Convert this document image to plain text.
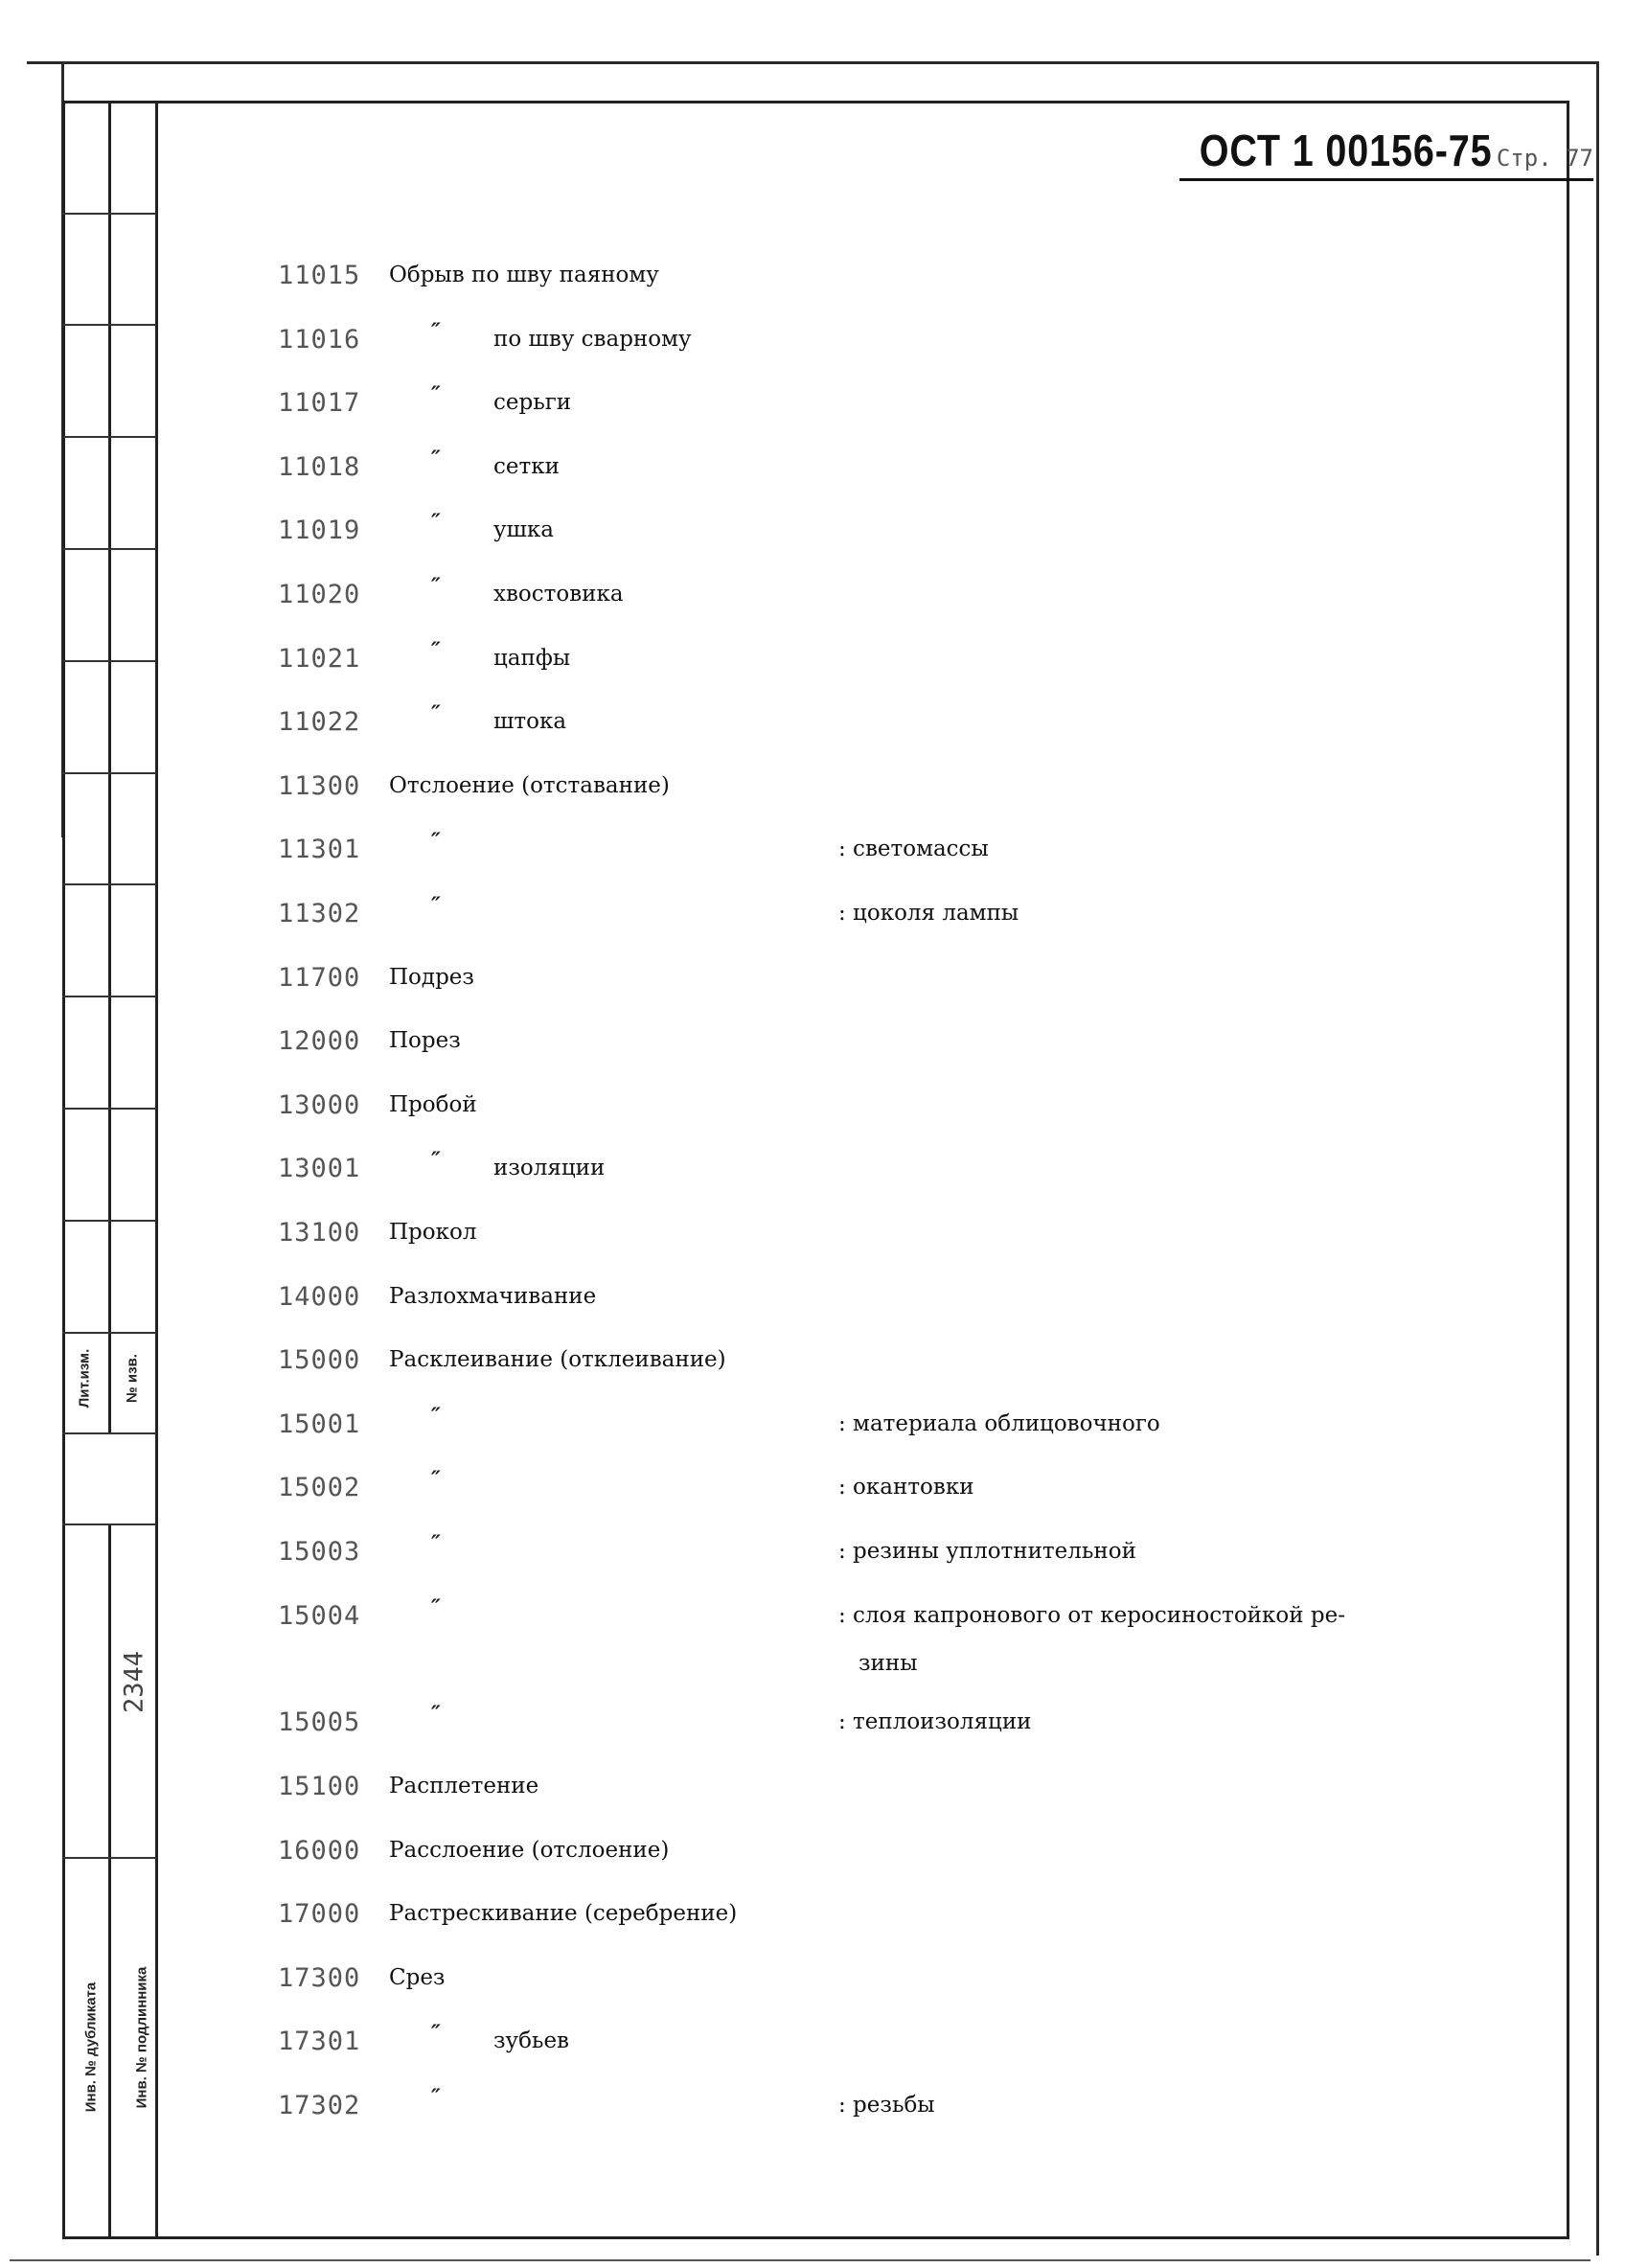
Лит.изм. № изв.
2344
Инв. № дубликата Инв. № подлинника
ОСТ 1 00156-75 Стр. 77
11015 Обрыв по шву паяному
11016	″ по шву сварному
11017	″ серьги
11018	″ сетки
11019	″ ушка
11020	″ хвостовика
11021	″ цапфы
11022	″ штока
11300 Отслоение (отставание)
11301	″	: светомассы
11302	″	: цоколя лампы
11700 Подрез
12000 Порез
13000 Пробой
13001	″ изоляции
13100 Прокол
14000 Разлохмачивание
15000 Расклеивание (отклеивание)
15001	″	: материала облицовочного
15002	″	: окантовки
15003	″	: резины уплотнительной
15004	″	: слоя капронового от керосиностойкой ре-
зины
15005	″	: теплоизоляции
15100 Расплетение
16000 Расслоение (отслоение)
17000 Растрескивание (серебрение)
17300 Срез
17301	″ зубьев
17302	″	: резьбы
